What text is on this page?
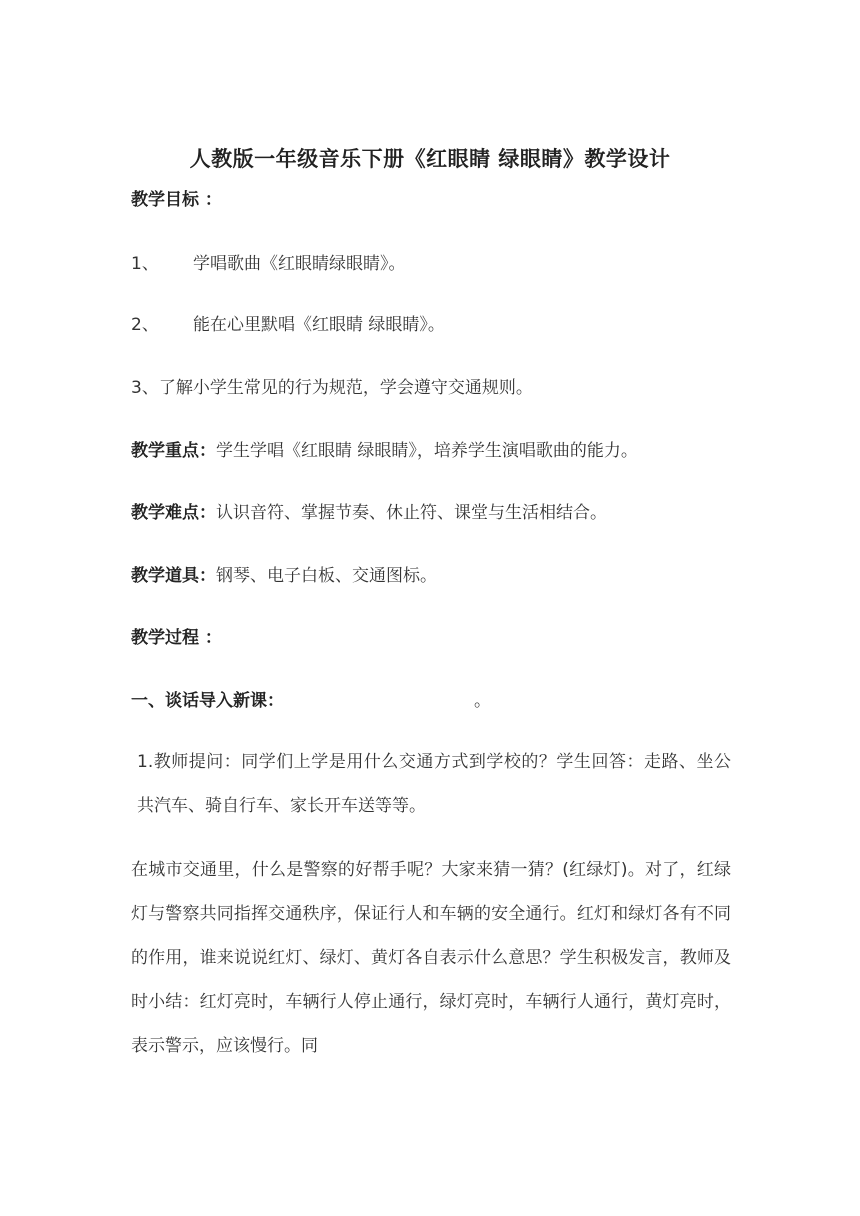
人教版一年级音乐下册《红眼睛 绿眼睛》教学设计
教学目标 ：
1、 学唱歌曲《红眼睛绿眼睛》。
2、 能在心里默唱《红眼睛 绿眼睛》。
3、了解小学生常见的行为规范，学会遵守交通规则。
教学重点：学生学唱《红眼睛 绿眼睛》，培养学生演唱歌曲的能力。
教学难点：认识音符、掌握节奏、休止符、课堂与生活相结合。
教学道具：钢琴、电子白板、交通图标。
教学过程 ：
一、谈话导入新课：	。
1.教师提问：同学们上学是用什么交通方式到学校的？学生回答：走路、坐公共汽车、骑自行车、家长开车送等等。
在城市交通里，什么是警察的好帮手呢？大家来猜一猜？(红绿灯)。对了，红绿灯与警察共同指挥交通秩序，保证行人和车辆的安全通行。红灯和绿灯各有不同的作用，谁来说说红灯、绿灯、黄灯各自表示什么意思？学生积极发言，教师及时小结：红灯亮时，车辆行人停止通行，绿灯亮时，车辆行人通行，黄灯亮时，表示警示，应该慢行。同
